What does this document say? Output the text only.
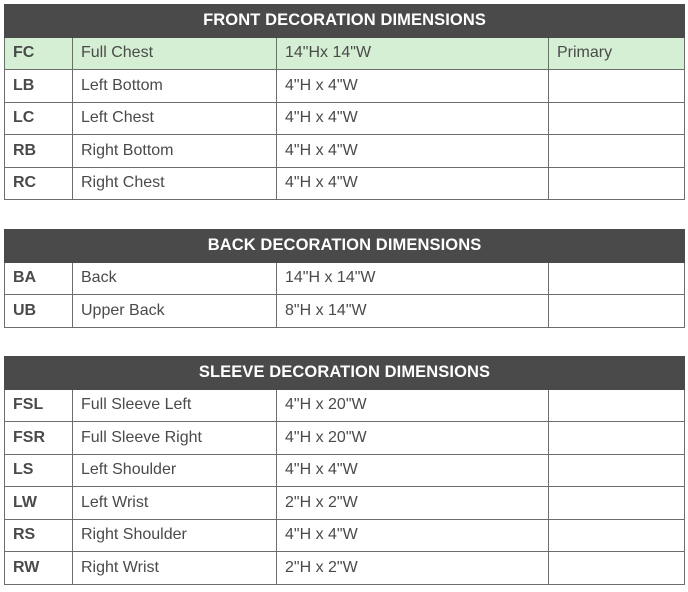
FRONT DECORATION DIMENSIONS			
FC	Full Chest	14"Hx 14"W	Primary
LB	Left Bottom	4"H x 4"W	
LC	Left Chest	4"H x 4"W	
RB	Right Bottom	4"H x 4"W	
RC	Right Chest	4"H x 4"W	
BACK DECORATION DIMENSIONS			
BA	Back	14"H x 14"W	
UB	Upper Back	8"H x 14"W	
SLEEVE DECORATION DIMENSIONS			
FSL	Full Sleeve Left	4"H x 20"W	
FSR	Full Sleeve Right	4"H x 20"W	
LS	Left Shoulder	4"H x 4"W	
LW	Left Wrist	2"H x 2"W	
RS	Right Shoulder	4"H x 4"W	
RW	Right Wrist	2"H x 2"W	
